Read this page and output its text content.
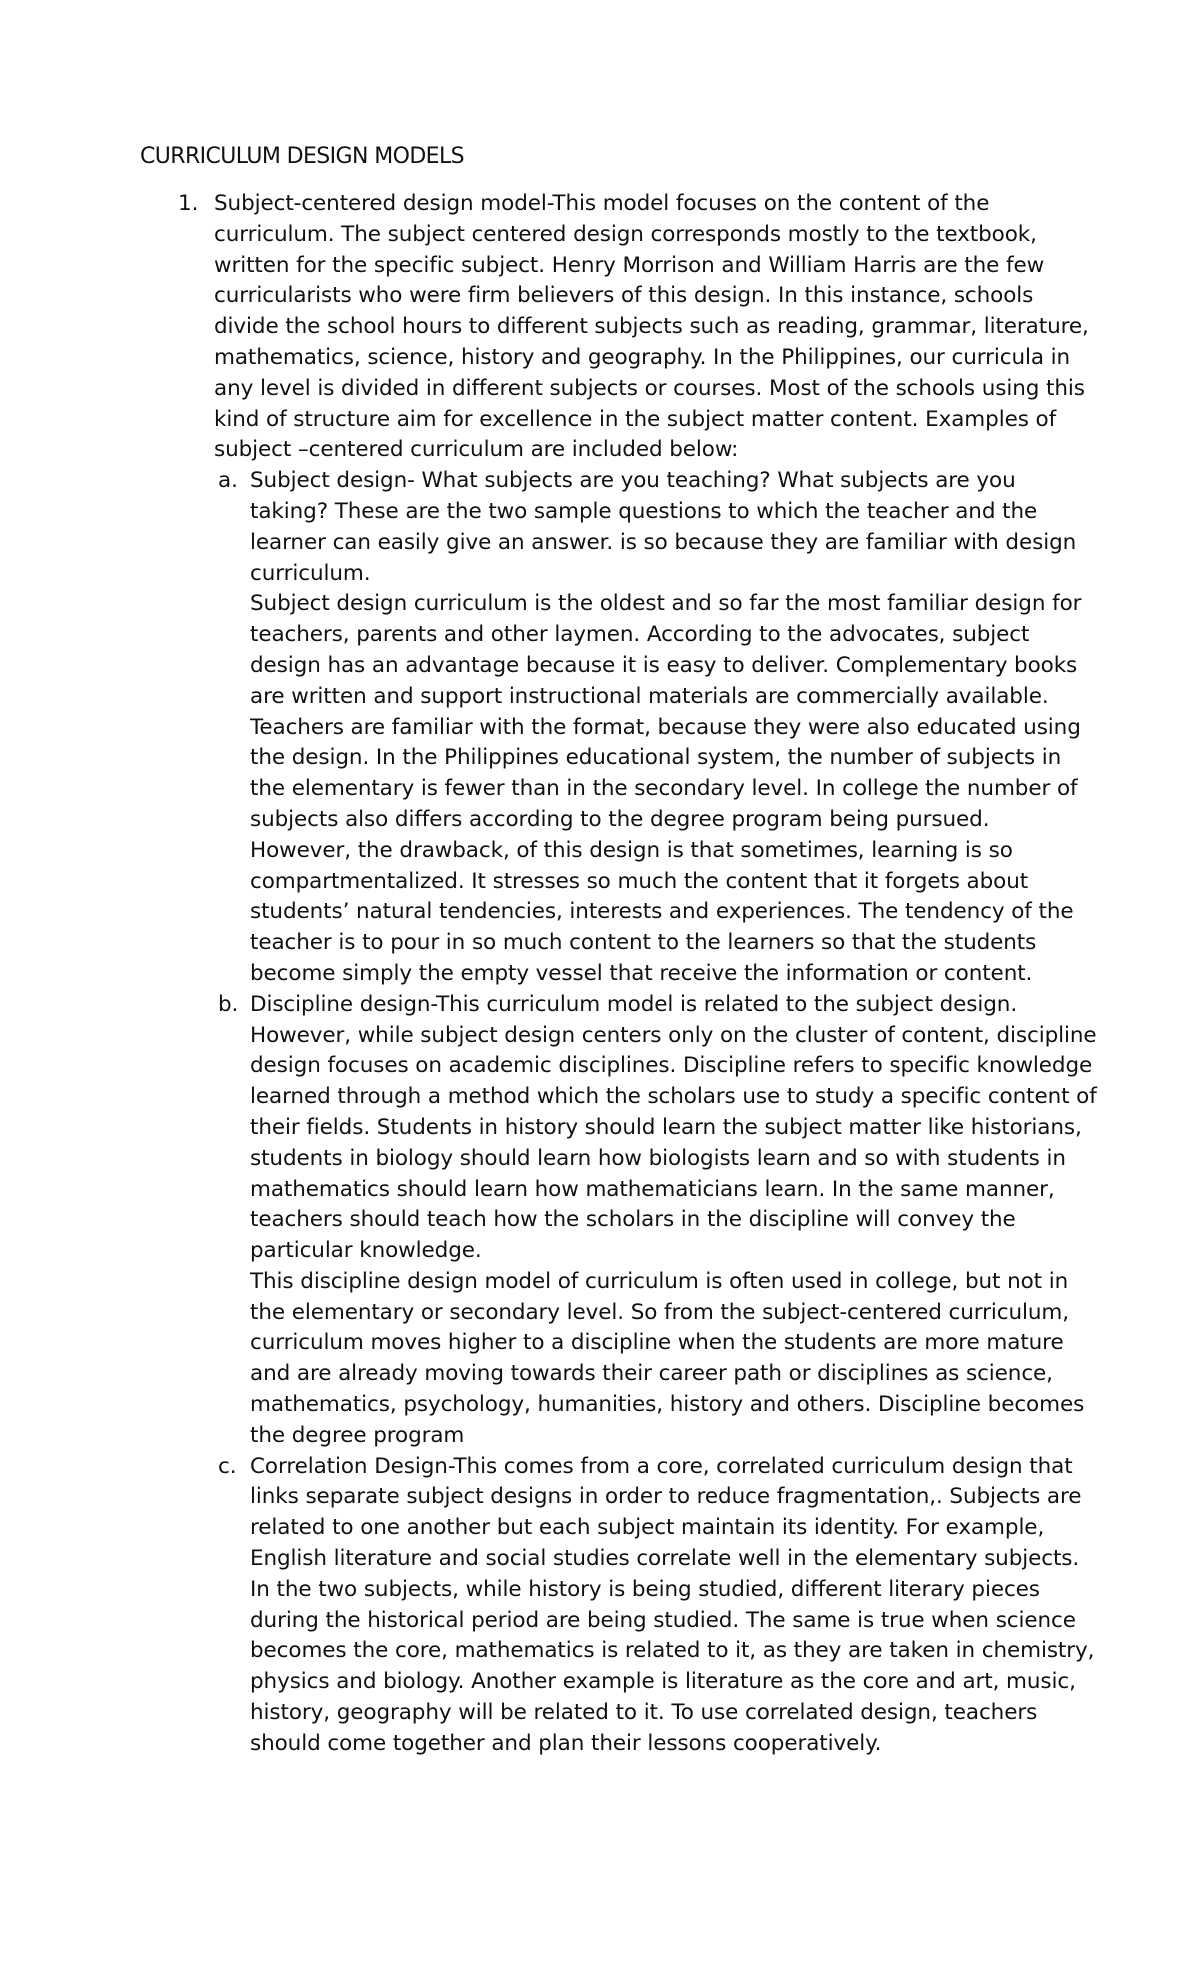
CURRICULUM DESIGN MODELS
1. Subject-centered design model-This model focuses on the content of the curriculum. The subject centered design corresponds mostly to the textbook, written for the specific subject. Henry Morrison and William Harris are the few curricularists who were firm believers of this design. In this instance, schools divide the school hours to different subjects such as reading, grammar, literature, mathematics, science, history and geography. In the Philippines, our curricula in any level is divided in different subjects or courses. Most of the schools using this kind of structure aim for excellence in the subject matter content. Examples of subject –centered curriculum are included below:

a. Subject design- What subjects are you teaching? What subjects are you taking? These are the two sample questions to which the teacher and the learner can easily give an answer. is so because they are familiar with design curriculum.

Subject design curriculum is the oldest and so far the most familiar design for teachers, parents and other laymen. According to the advocates, subject design has an advantage because it is easy to deliver. Complementary books are written and support instructional materials are commercially available. Teachers are familiar with the format, because they were also educated using the design. In the Philippines educational system, the number of subjects in the elementary is fewer than in the secondary level. In college the number of subjects also differs according to the degree program being pursued.

However, the drawback, of this design is that sometimes, learning is so compartmentalized. It stresses so much the content that it forgets about students’ natural tendencies, interests and experiences. The tendency of the teacher is to pour in so much content to the learners so that the students become simply the empty vessel that receive the information or content.

b. Discipline design-This curriculum model is related to the subject design. However, while subject design centers only on the cluster of content, discipline design focuses on academic disciplines. Discipline refers to specific knowledge learned through a method which the scholars use to study a specific content of their fields. Students in history should learn the subject matter like historians, students in biology should learn how biologists learn and so with students in mathematics should learn how mathematicians learn. In the same manner, teachers should teach how the scholars in the discipline will convey the particular knowledge.

This discipline design model of curriculum is often used in college, but not in the elementary or secondary level. So from the subject-centered curriculum, curriculum moves higher to a discipline when the students are more mature and are already moving towards their career path or disciplines as science, mathematics, psychology, humanities, history and others. Discipline becomes the degree program

c. Correlation Design-This comes from a core, correlated curriculum design that links separate subject designs in order to reduce fragmentation,. Subjects are related to one another but each subject maintain its identity. For example, English literature and social studies correlate well in the elementary subjects. In the two subjects, while history is being studied, different literary pieces during the historical period are being studied. The same is true when science becomes the core, mathematics is related to it, as they are taken in chemistry, physics and biology. Another example is literature as the core and art, music, history, geography will be related to it. To use correlated design, teachers should come together and plan their lessons cooperatively.
